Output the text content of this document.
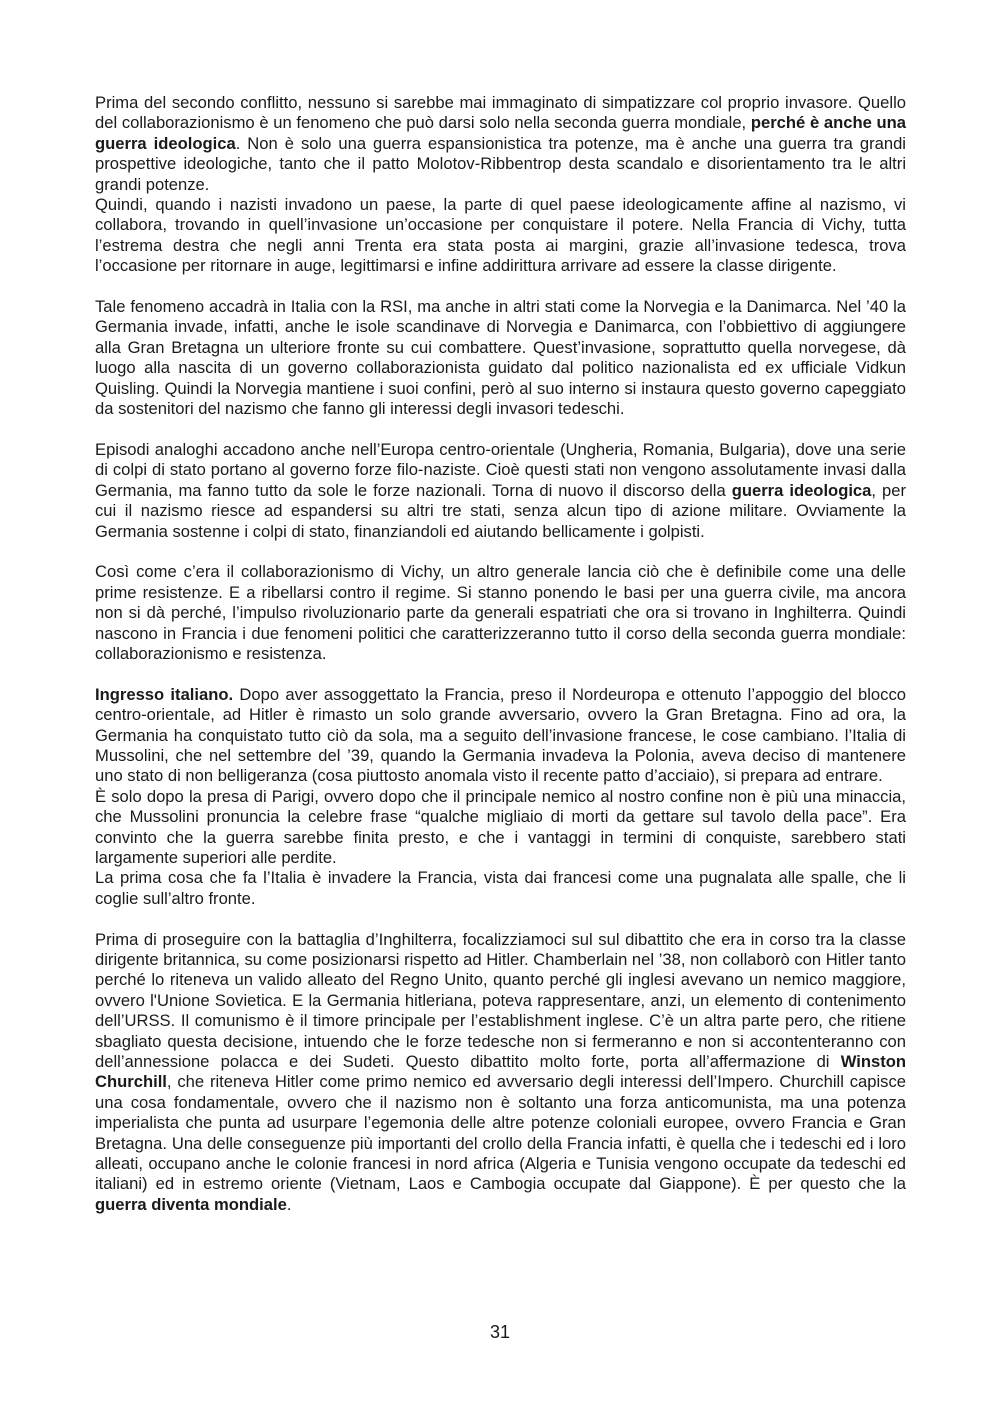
Prima del secondo conflitto, nessuno si sarebbe mai immaginato di simpatizzare col proprio invasore. Quello del collaborazionismo è un fenomeno che può darsi solo nella seconda guerra mondiale, perché è anche una guerra ideologica. Non è solo una guerra espansionistica tra potenze, ma è anche una guerra tra grandi prospettive ideologiche, tanto che il patto Molotov-Ribbentrop desta scandalo e disorientamento tra le altri grandi potenze.

Quindi, quando i nazisti invadono un paese, la parte di quel paese ideologicamente affine al nazismo, vi collabora, trovando in quell’invasione un’occasione per conquistare il potere. Nella Francia di Vichy, tutta l’estrema destra che negli anni Trenta era stata posta ai margini, grazie all’invasione tedesca, trova l’occasione per ritornare in auge, legittimarsi e infine addirittura arrivare ad essere la classe dirigente.

Tale fenomeno accadrà in Italia con la RSI, ma anche in altri stati come la Norvegia e la Danimarca. Nel ’40 la Germania invade, infatti, anche le isole scandinave di Norvegia e Danimarca, con l’obbiettivo di aggiungere alla Gran Bretagna un ulteriore fronte su cui combattere. Quest’invasione, soprattutto quella norvegese, dà luogo alla nascita di un governo collaborazionista guidato dal politico nazionalista ed ex ufficiale Vidkun Quisling. Quindi la Norvegia mantiene i suoi confini, però al suo interno si instaura questo governo capeggiato da sostenitori del nazismo che fanno gli interessi degli invasori tedeschi.

Episodi analoghi accadono anche nell’Europa centro-orientale (Ungheria, Romania, Bulgaria), dove una serie di colpi di stato portano al governo forze filo-naziste. Cioè questi stati non vengono assolutamente invasi dalla Germania, ma fanno tutto da sole le forze nazionali. Torna di nuovo il discorso della guerra ideologica, per cui il nazismo riesce ad espandersi su altri tre stati, senza alcun tipo di azione militare. Ovviamente la Germania sostenne i colpi di stato, finanziandoli ed aiutando bellicamente i golpisti.

Così come c’era il collaborazionismo di Vichy, un altro generale lancia ciò che è definibile come una delle prime resistenze. E a ribellarsi contro il regime. Si stanno ponendo le basi per una guerra civile, ma ancora non si dà perché, l’impulso rivoluzionario parte da generali espatriati che ora si trovano in Inghilterra. Quindi nascono in Francia i due fenomeni politici che caratterizzeranno tutto il corso della seconda guerra mondiale: collaborazionismo e resistenza.

Ingresso italiano. Dopo aver assoggettato la Francia, preso il Nordeuropa e ottenuto l’appoggio del blocco centro-orientale, ad Hitler è rimasto un solo grande avversario, ovvero la Gran Bretagna. Fino ad ora, la Germania ha conquistato tutto ciò da sola, ma a seguito dell’invasione francese, le cose cambiano. l’Italia di Mussolini, che nel settembre del ’39, quando la Germania invadeva la Polonia, aveva deciso di mantenere uno stato di non belligeranza (cosa piuttosto anomala visto il recente patto d’acciaio), si prepara ad entrare.

È solo dopo la presa di Parigi, ovvero dopo che il principale nemico al nostro confine non è più una minaccia, che Mussolini pronuncia la celebre frase “qualche migliaio di morti da gettare sul tavolo della pace”. Era convinto che la guerra sarebbe finita presto, e che i vantaggi in termini di conquiste, sarebbero stati largamente superiori alle perdite.

La prima cosa che fa l’Italia è invadere la Francia, vista dai francesi come una pugnalata alle spalle, che li coglie sull’altro fronte.

Prima di proseguire con la battaglia d’Inghilterra, focalizziamoci sul sul dibattito che era in corso tra la classe dirigente britannica, su come posizionarsi rispetto ad Hitler. Chamberlain nel ’38, non collaborò con Hitler tanto perché lo riteneva un valido alleato del Regno Unito, quanto perché gli inglesi avevano un nemico maggiore, ovvero l'Unione Sovietica. E la Germania hitleriana, poteva rappresentare, anzi, un elemento di contenimento dell’URSS. Il comunismo è il timore principale per l’establishment inglese. C’è un altra parte pero, che ritiene sbagliato questa decisione, intuendo che le forze tedesche non si fermeranno e non si accontenteranno con dell’annessione polacca e dei Sudeti. Questo dibattito molto forte, porta all’affermazione di Winston Churchill, che riteneva Hitler come primo nemico ed avversario degli interessi dell’Impero. Churchill capisce una cosa fondamentale, ovvero che il nazismo non è soltanto una forza anticomunista, ma una potenza imperialista che punta ad usurpare l’egemonia delle altre potenze coloniali europee, ovvero Francia e Gran Bretagna. Una delle conseguenze più importanti del crollo della Francia infatti, è quella che i tedeschi ed i loro alleati, occupano anche le colonie francesi in nord africa (Algeria e Tunisia vengono occupate da tedeschi ed italiani) ed in estremo oriente (Vietnam, Laos e Cambogia occupate dal Giappone). È per questo che la guerra diventa mondiale.

31
